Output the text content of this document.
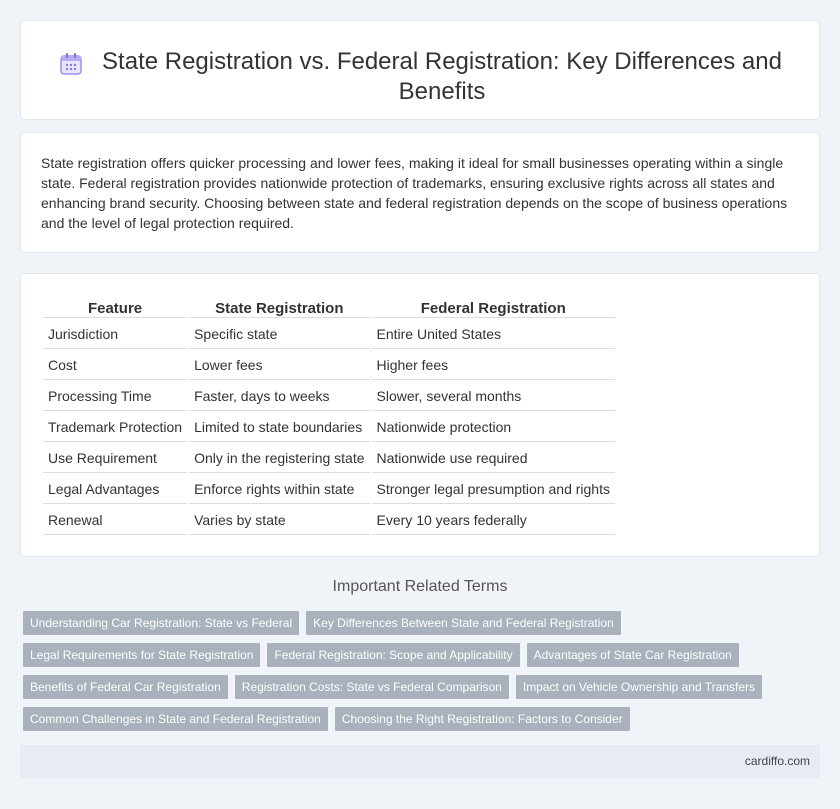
State Registration vs. Federal Registration: Key Differences and Benefits

State registration offers quicker processing and lower fees, making it ideal for small businesses operating within a single state. Federal registration provides nationwide protection of trademarks, ensuring exclusive rights across all states and enhancing brand security. Choosing between state and federal registration depends on the scope of business operations and the level of legal protection required.

Feature	State Registration	Federal Registration
Jurisdiction	Specific state	Entire United States
Cost	Lower fees	Higher fees
Processing Time	Faster, days to weeks	Slower, several months
Trademark Protection	Limited to state boundaries	Nationwide protection
Use Requirement	Only in the registering state	Nationwide use required
Legal Advantages	Enforce rights within state	Stronger legal presumption and rights
Renewal	Varies by state	Every 10 years federally
Important Related Terms
Understanding Car Registration: State vs Federal	Key Differences Between State and Federal Registration
Legal Requirements for State Registration	Federal Registration: Scope and Applicability	Advantages of State Car Registration
Benefits of Federal Car Registration	Registration Costs: State vs Federal Comparison	Impact on Vehicle Ownership and Transfers
Common Challenges in State and Federal Registration	Choosing the Right Registration: Factors to Consider
cardiffo.com
